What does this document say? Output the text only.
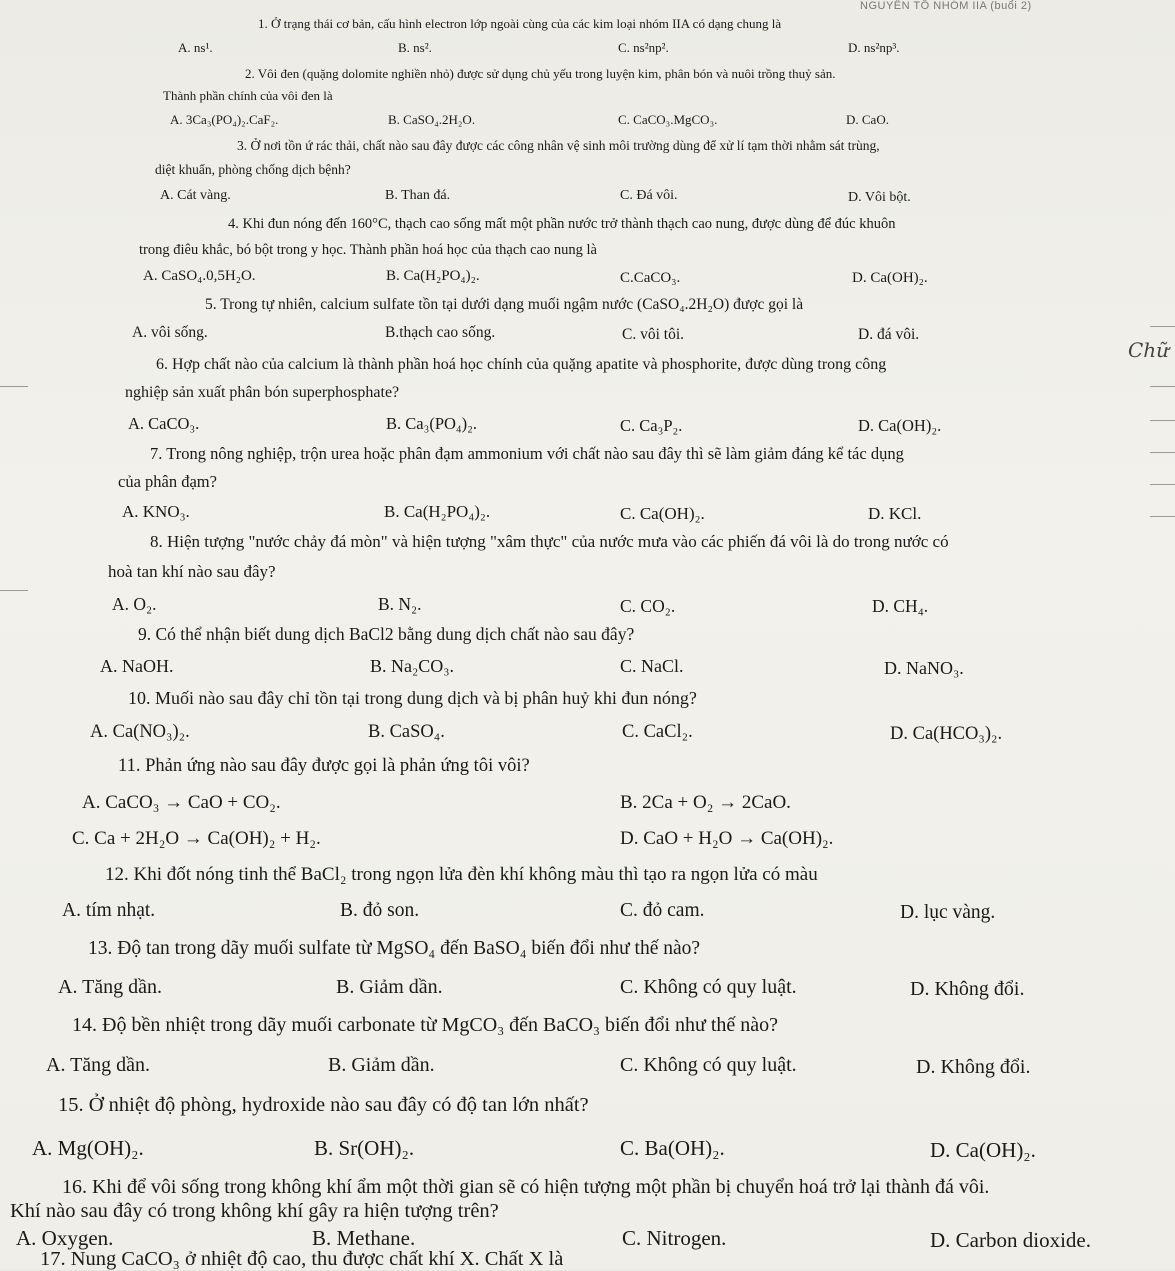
NGUYÊN TỐ NHÓM IIA (buổi 2)
Chữ
1. Ở trạng thái cơ bản, cấu hình electron lớp ngoài cùng của các kim loại nhóm IIA có dạng chung là
A. ns¹.	B. ns².	C. ns²np².	D. ns²np³.
2. Vôi đen (quặng dolomite nghiền nhỏ) được sử dụng chủ yếu trong luyện kim, phân bón và nuôi trồng thuỷ sản.
Thành phần chính của vôi đen là
A. 3Ca₃(PO₄)₂.CaF₂.	B. CaSO₄.2H₂O.	C. CaCO₃.MgCO₃.	D. CaO.
3. Ở nơi tồn ứ rác thải, chất nào sau đây được các công nhân vệ sinh môi trường dùng để xử lí tạm thời nhằm sát trùng,
diệt khuẩn, phòng chống dịch bệnh?
A. Cát vàng.	B. Than đá.	C. Đá vôi.	D. Vôi bột.
4. Khi đun nóng đến 160°C, thạch cao sống mất một phần nước trở thành thạch cao nung, được dùng để đúc khuôn
trong điêu khắc, bó bột trong y học. Thành phần hoá học của thạch cao nung là
A. CaSO₄.0,5H₂O.	B. Ca(H₂PO₄)₂.	C.CaCO₃.	D. Ca(OH)₂.
5. Trong tự nhiên, calcium sulfate tồn tại dưới dạng muối ngậm nước (CaSO₄.2H₂O) được gọi là
A. vôi sống.	B.thạch cao sống.	C. vôi tôi.	D. đá vôi.
6. Hợp chất nào của calcium là thành phần hoá học chính của quặng apatite và phosphorite, được dùng trong công
nghiệp sản xuất phân bón superphosphate?
A. CaCO₃.	B. Ca₃(PO₄)₂.	C. Ca₃P₂.	D. Ca(OH)₂.
7. Trong nông nghiệp, trộn urea hoặc phân đạm ammonium với chất nào sau đây thì sẽ làm giảm đáng kể tác dụng
của phân đạm?
A. KNO₃.	B. Ca(H₂PO₄)₂.	C. Ca(OH)₂.	D. KCl.
8. Hiện tượng "nước chảy đá mòn" và hiện tượng "xâm thực" của nước mưa vào các phiến đá vôi là do trong nước có
hoà tan khí nào sau đây?
A. O₂.	B. N₂.	C. CO₂.	D. CH₄.
9. Có thể nhận biết dung dịch BaCl2 bằng dung dịch chất nào sau đây?
A. NaOH.	B. Na₂CO₃.	C. NaCl.	D. NaNO₃.
10. Muối nào sau đây chỉ tồn tại trong dung dịch và bị phân huỷ khi đun nóng?
A. Ca(NO₃)₂.	B. CaSO₄.	C. CaCl₂.	D. Ca(HCO₃)₂.
11. Phản ứng nào sau đây được gọi là phản ứng tôi vôi?
A. CaCO₃ → CaO + CO₂.	B. 2Ca + O₂ → 2CaO.
C. Ca + 2H₂O → Ca(OH)₂ + H₂.	D. CaO + H₂O → Ca(OH)₂.
12. Khi đốt nóng tinh thể BaCl₂ trong ngọn lửa đèn khí không màu thì tạo ra ngọn lửa có màu
A. tím nhạt.	B. đỏ son.	C. đỏ cam.	D. lục vàng.
13. Độ tan trong dãy muối sulfate từ MgSO₄ đến BaSO₄ biến đổi như thế nào?
A. Tăng dần.	B. Giảm dần.	C. Không có quy luật.	D. Không đổi.
14. Độ bền nhiệt trong dãy muối carbonate từ MgCO₃ đến BaCO₃ biến đổi như thế nào?
A. Tăng dần.	B. Giảm dần.	C. Không có quy luật.	D. Không đổi.
15. Ở nhiệt độ phòng, hydroxide nào sau đây có độ tan lớn nhất?
A. Mg(OH)₂.	B. Sr(OH)₂.	C. Ba(OH)₂.	D. Ca(OH)₂.
16. Khi để vôi sống trong không khí ẩm một thời gian sẽ có hiện tượng một phần bị chuyển hoá trở lại thành đá vôi.
Khí nào sau đây có trong không khí gây ra hiện tượng trên?
A. Oxygen.	B. Methane.	C. Nitrogen.	D. Carbon dioxide.
17. Nung CaCO₃ ở nhiệt độ cao, thu được chất khí X. Chất X là
